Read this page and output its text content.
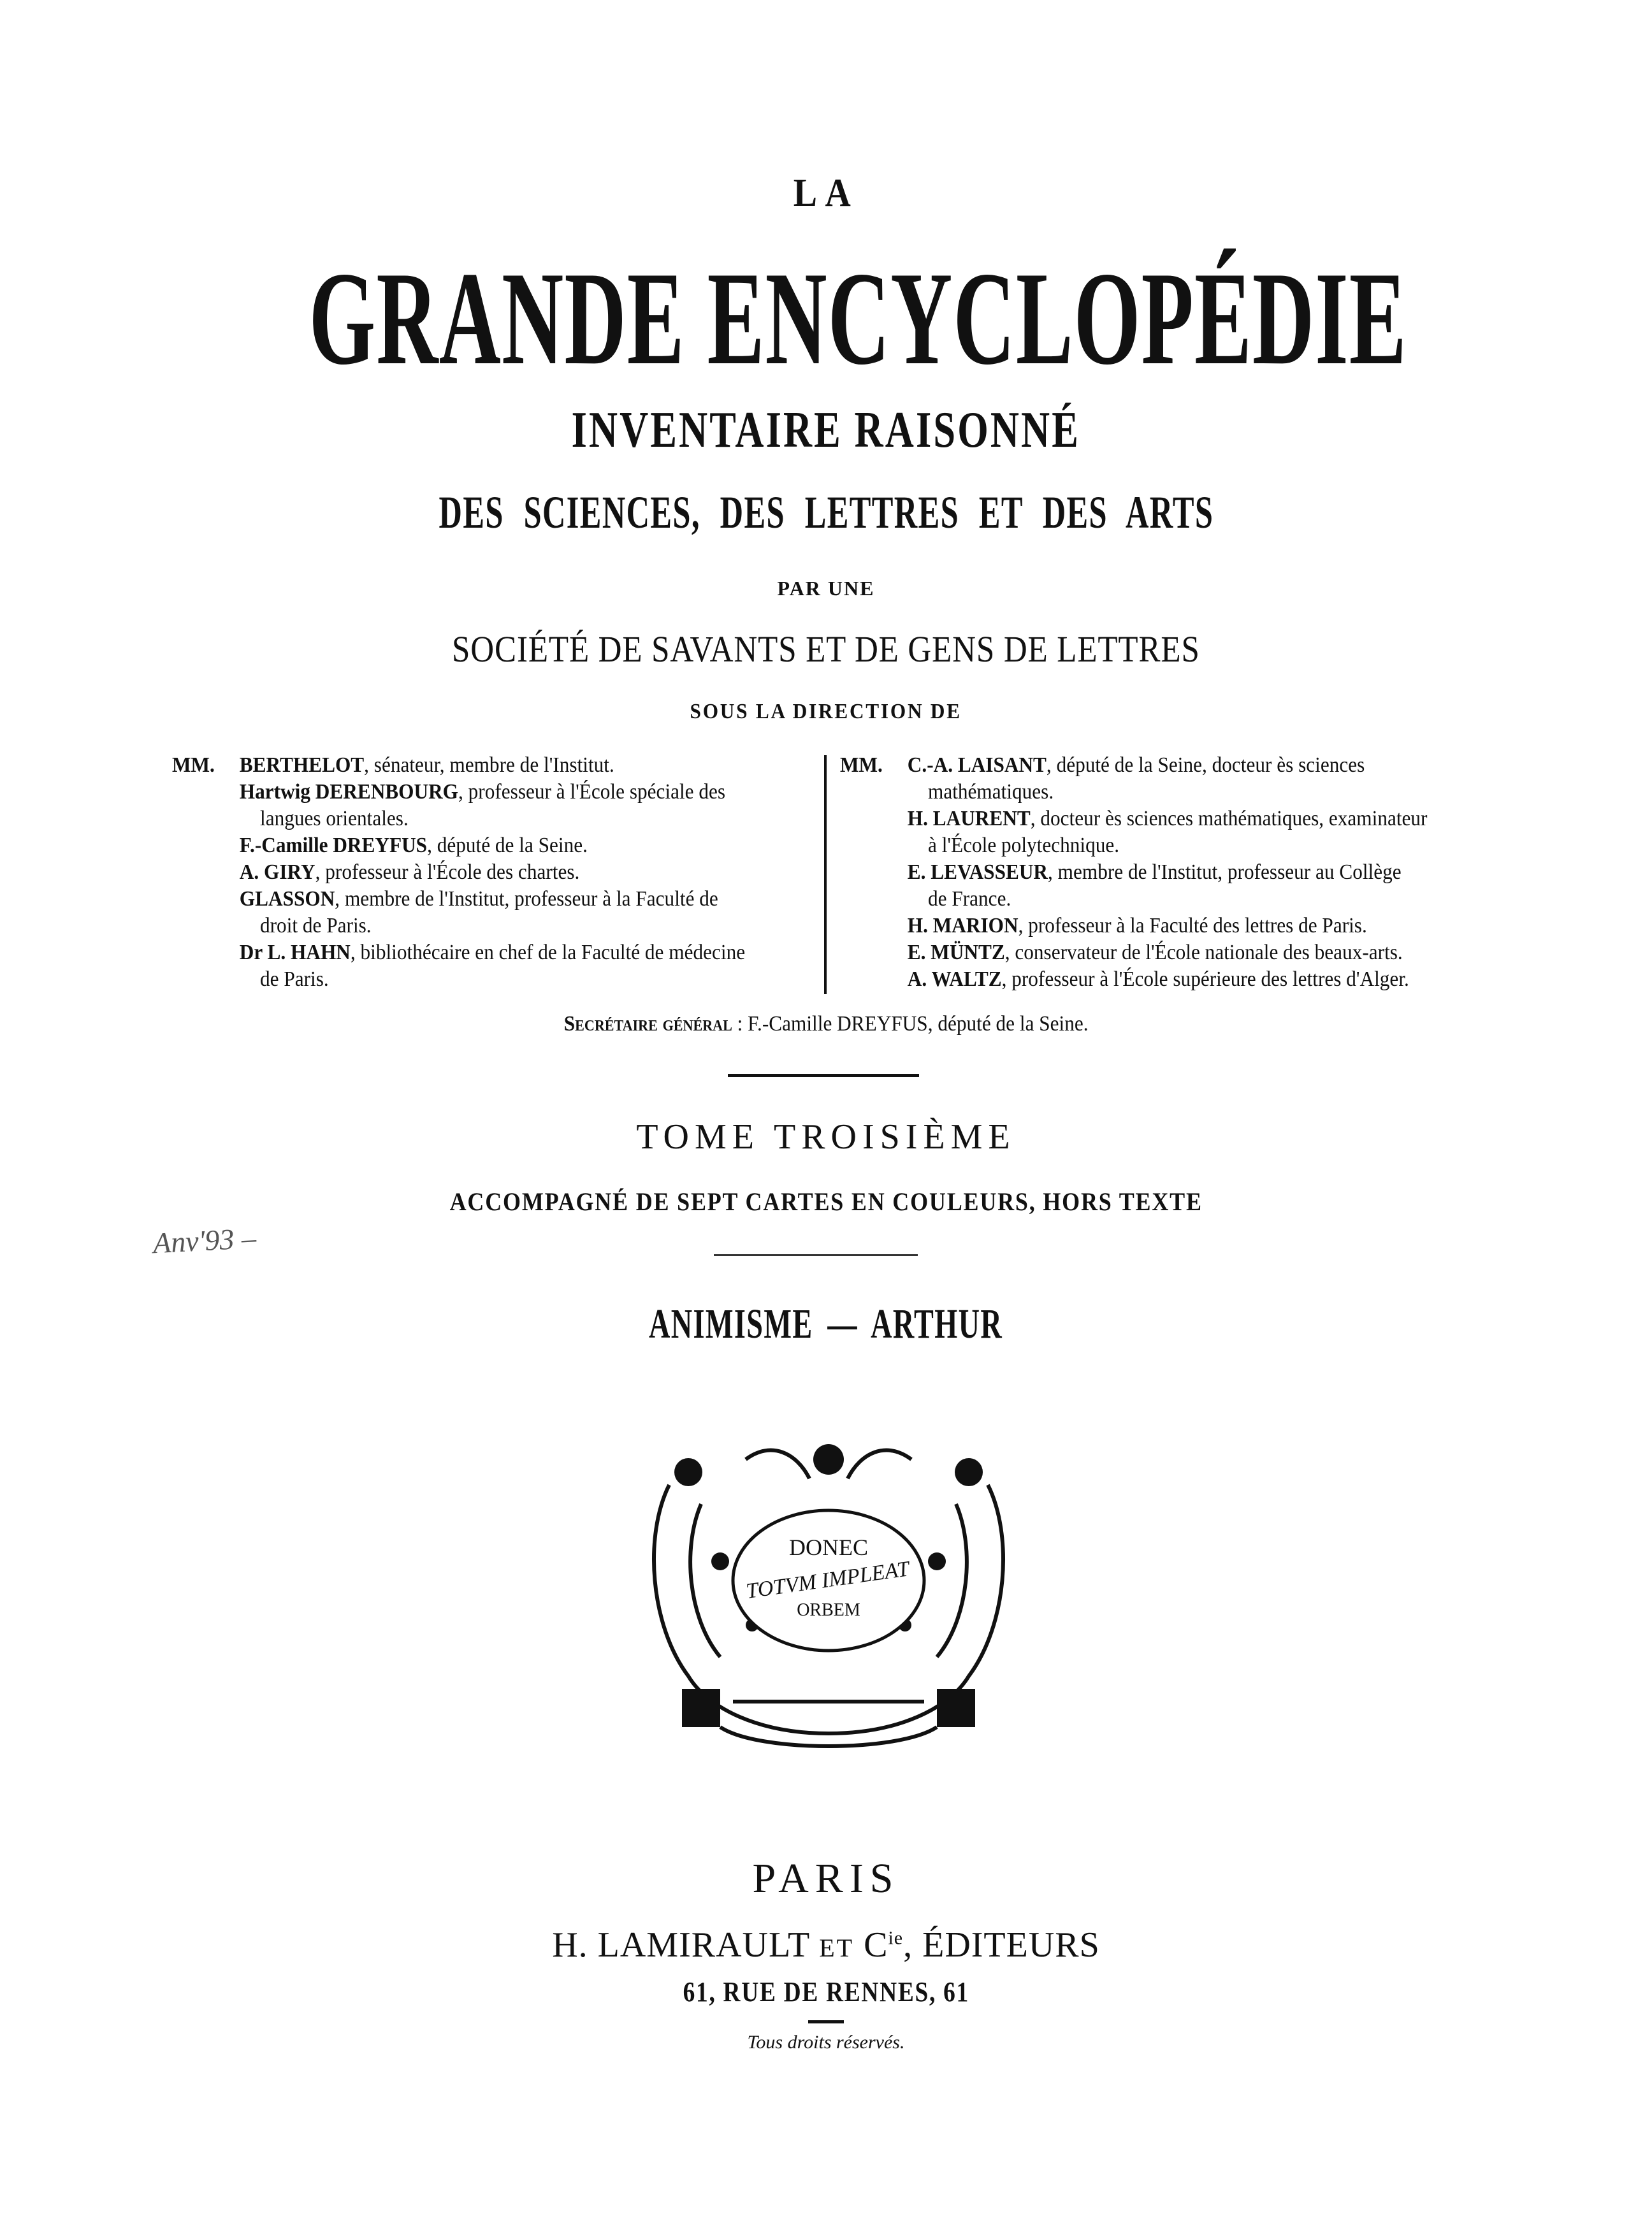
LA
GRANDE ENCYCLOPÉDIE
INVENTAIRE RAISONNÉ
DES SCIENCES, DES LETTRES ET DES ARTS
PAR UNE
SOCIÉTÉ DE SAVANTS ET DE GENS DE LETTRES
SOUS LA DIRECTION DE
MM. BERTHELOT, sénateur, membre de l'Institut.
Hartwig DERENBOURG, professeur à l'École spéciale des
langues orientales.
F.-Camille DREYFUS, député de la Seine.
A. GIRY, professeur à l'École des chartes.
GLASSON, membre de l'Institut, professeur à la Faculté de
droit de Paris.
Dr L. HAHN, bibliothécaire en chef de la Faculté de médecine
de Paris.
MM. C.-A. LAISANT, député de la Seine, docteur ès sciences
mathématiques.
H. LAURENT, docteur ès sciences mathématiques, examinateur
à l'École polytechnique.
E. LEVASSEUR, membre de l'Institut, professeur au Collège
de France.
H. MARION, professeur à la Faculté des lettres de Paris.
E. MÜNTZ, conservateur de l'École nationale des beaux-arts.
A. WALTZ, professeur à l'École supérieure des lettres d'Alger.
Secrétaire général : F.-Camille DREYFUS, député de la Seine.
TOME TROISIÈME
ACCOMPAGNÉ DE SEPT CARTES EN COULEURS, HORS TEXTE
Anv'93 –
ANIMISME — ARTHUR
DONEC
TOTVM IMPLEAT
ORBEM
PARIS
H. LAMIRAULT ET $C^{ie}$, ÉDITEURS
61, RUE DE RENNES, 61
Tous droits réservés.
